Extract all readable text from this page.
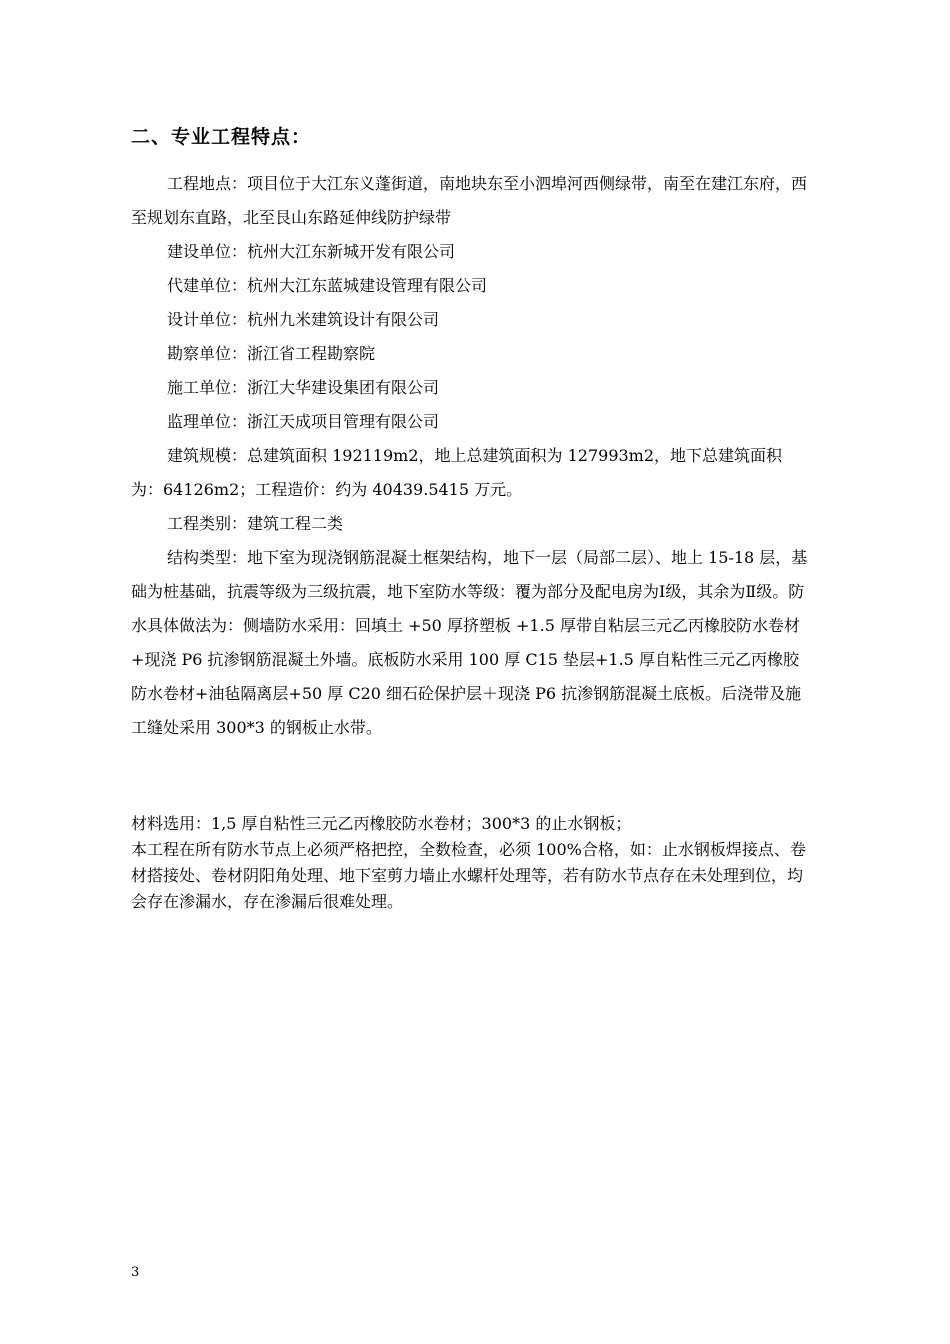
二、专业工程特点：

工程地点：项目位于大江东义蓬街道，南地块东至小泗埠河西侧绿带，南至在建江东府，西至规划东直路，北至艮山东路延伸线防护绿带

建设单位：杭州大江东新城开发有限公司

代建单位：杭州大江东蓝城建设管理有限公司

设计单位：杭州九米建筑设计有限公司

勘察单位：浙江省工程勘察院

施工单位：浙江大华建设集团有限公司

监理单位：浙江天成项目管理有限公司

建筑规模：总建筑面积 192119m2，地上总建筑面积为 127993m2，地下总建筑面积为：64126m2；工程造价：约为 40439.5415 万元。

工程类别：建筑工程二类

结构类型：地下室为现浇钢筋混凝土框架结构，地下一层（局部二层）、地上 15-18 层，基础为桩基础，抗震等级为三级抗震，地下室防水等级：覆为部分及配电房为Ⅰ级，其余为Ⅱ级。防水具体做法为：侧墙防水采用：回填土 +50 厚挤塑板 +1.5 厚带自粘层三元乙丙橡胶防水卷材+现浇 P6 抗渗钢筋混凝土外墙。底板防水采用 100 厚 C15 垫层+1.5 厚自粘性三元乙丙橡胶防水卷材+油毡隔离层+50 厚 C20 细石砼保护层＋现浇 P6 抗渗钢筋混凝土底板。后浇带及施工缝处采用 300*3 的钢板止水带。

材料选用：1,5 厚自粘性三元乙丙橡胶防水卷材；300*3 的止水钢板；

本工程在所有防水节点上必须严格把控，全数检查，必须 100%合格，如：止水钢板焊接点、卷材搭接处、卷材阴阳角处理、地下室剪力墙止水螺杆处理等，若有防水节点存在未处理到位，均会存在渗漏水，存在渗漏后很难处理。

3
